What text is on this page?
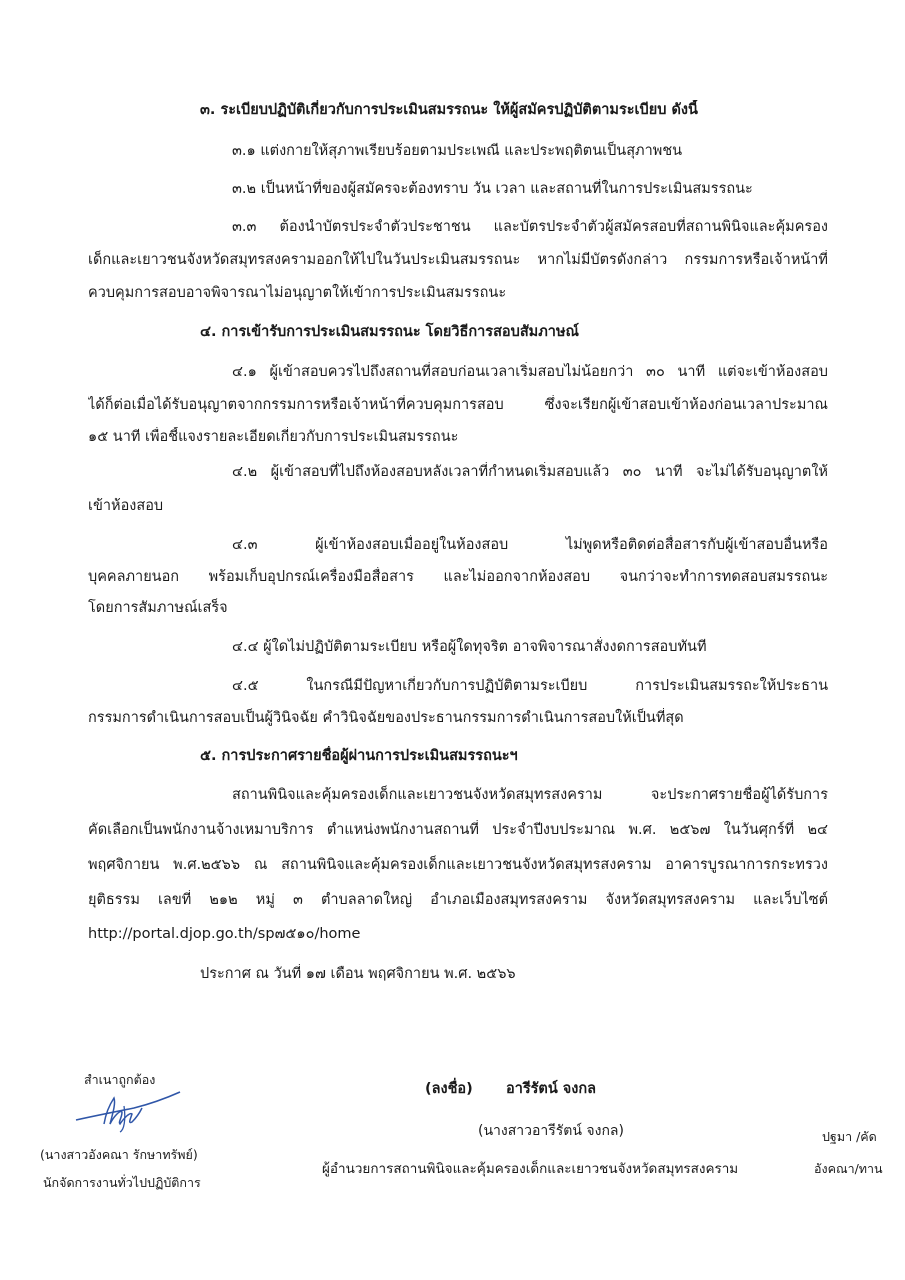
๓. ระเบียบปฏิบัติเกี่ยวกับการประเมินสมรรถนะ ให้ผู้สมัครปฏิบัติตามระเบียบ ดังนี้
๓.๑ แต่งกายให้สุภาพเรียบร้อยตามประเพณี และประพฤติตนเป็นสุภาพชน
๓.๒ เป็นหน้าที่ของผู้สมัครจะต้องทราบ วัน เวลา และสถานที่ในการประเมินสมรรถนะ
๓.๓ ต้องนำบัตรประจำตัวประชาชน และบัตรประจำตัวผู้สมัครสอบที่สถานพินิจและคุ้มครอง
เด็กและเยาวชนจังหวัดสมุทรสงครามออกให้ไปในวันประเมินสมรรถนะ หากไม่มีบัตรดังกล่าว กรรมการหรือเจ้าหน้าที่
ควบคุมการสอบอาจพิจารณาไม่อนุญาตให้เข้าการประเมินสมรรถนะ
๔. การเข้ารับการประเมินสมรรถนะ โดยวิธีการสอบสัมภาษณ์
๔.๑ ผู้เข้าสอบควรไปถึงสถานที่สอบก่อนเวลาเริ่มสอบไม่น้อยกว่า ๓๐ นาที แต่จะเข้าห้องสอบ
ได้ก็ต่อเมื่อได้รับอนุญาตจากกรรมการหรือเจ้าหน้าที่ควบคุมการสอบ ซึ่งจะเรียกผู้เข้าสอบเข้าห้องก่อนเวลาประมาณ
๑๕ นาที เพื่อชี้แจงรายละเอียดเกี่ยวกับการประเมินสมรรถนะ
๔.๒ ผู้เข้าสอบที่ไปถึงห้องสอบหลังเวลาที่กำหนดเริ่มสอบแล้ว ๓๐ นาที จะไม่ได้รับอนุญาตให้
เข้าห้องสอบ
๔.๓ ผู้เข้าห้องสอบเมื่ออยู่ในห้องสอบ ไม่พูดหรือติดต่อสื่อสารกับผู้เข้าสอบอื่นหรือ
บุคคลภายนอก พร้อมเก็บอุปกรณ์เครื่องมือสื่อสาร และไม่ออกจากห้องสอบ จนกว่าจะทำการทดสอบสมรรถนะ
โดยการสัมภาษณ์เสร็จ
๔.๔ ผู้ใดไม่ปฏิบัติตามระเบียบ หรือผู้ใดทุจริต อาจพิจารณาสั่งงดการสอบทันที
๔.๕ ในกรณีมีปัญหาเกี่ยวกับการปฏิบัติตามระเบียบ การประเมินสมรรถะให้ประธาน
กรรมการดำเนินการสอบเป็นผู้วินิจฉัย คำวินิจฉัยของประธานกรรมการดำเนินการสอบให้เป็นที่สุด
๕. การประกาศรายชื่อผู้ผ่านการประเมินสมรรถนะฯ
สถานพินิจและคุ้มครองเด็กและเยาวชนจังหวัดสมุทรสงคราม จะประกาศรายชื่อผู้ได้รับการ
คัดเลือกเป็นพนักงานจ้างเหมาบริการ ตำแหน่งพนักงานสถานที่ ประจำปีงบประมาณ พ.ศ. ๒๕๖๗ ในวันศุกร์ที่ ๒๔
พฤศจิกายน พ.ศ.๒๕๖๖ ณ สถานพินิจและคุ้มครองเด็กและเยาวชนจังหวัดสมุทรสงคราม อาคารบูรณาการกระทรวง
ยุติธรรม เลขที่ ๒๑๒ หมู่ ๓ ตำบลลาดใหญ่ อำเภอเมืองสมุทรสงคราม จังหวัดสมุทรสงคราม และเว็บไซต์
http://portal.djop.go.th/sp๗๕๑๐/home
ประกาศ ณ วันที่ ๑๗ เดือน พฤศจิกายน พ.ศ. ๒๕๖๖
สำเนาถูกต้อง
(นางสาวอังคณา รักษาทรัพย์)
นักจัดการงานทั่วไปปฏิบัติการ
(ลงชื่อ) อารีรัตน์ จงกล
(นางสาวอารีรัตน์ จงกล)
ผู้อำนวยการสถานพินิจและคุ้มครองเด็กและเยาวชนจังหวัดสมุทรสงคราม
ปฐมา /คัด
อังคณา/ทาน
